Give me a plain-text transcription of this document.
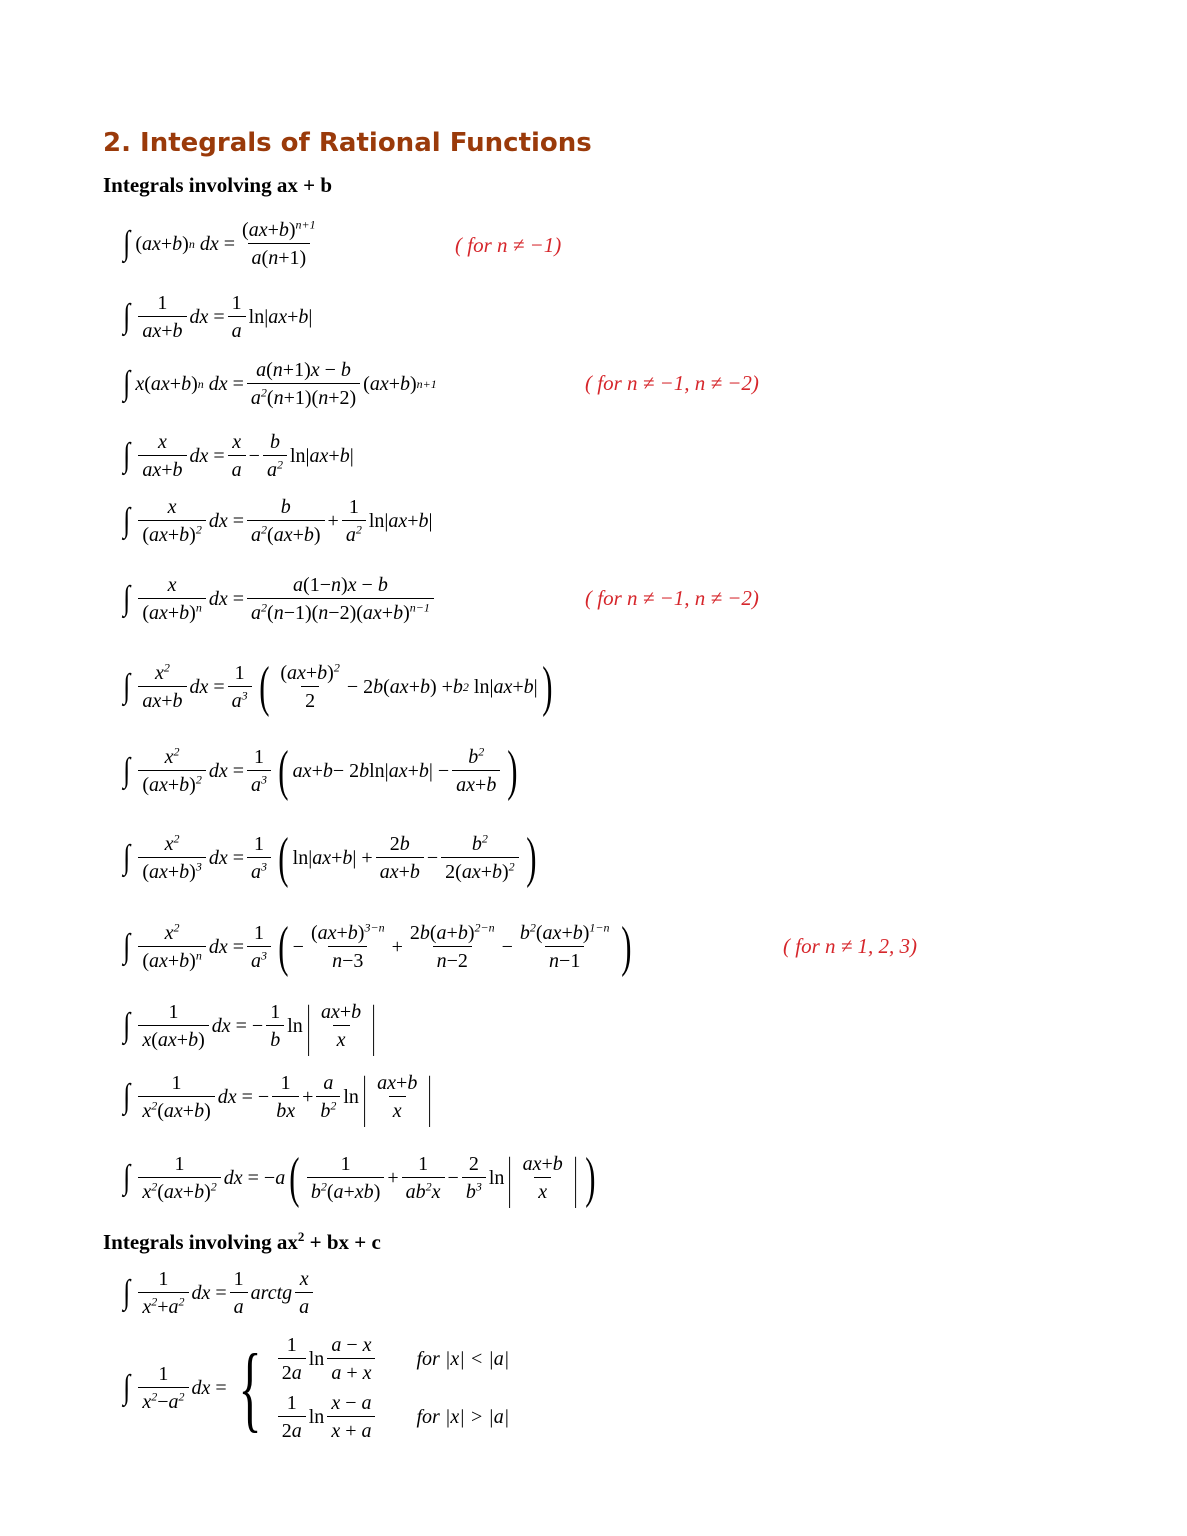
2. Integrals of Rational Functions

Integrals involving ax + b

∫ ( ax + b ) n
dx = $\frac{(ax+b)^{n+1}}{a(n+1)}$	( for n ≠ −1)
∫ $\frac{1}{ax+b}$ dx = $\frac{1}{a} \ln|$ ax + b |
∫ x ( ax + b ) n
dx = $\frac{a(n+1)x - b}{a^2(n+1)(n+2)}$ ( ax + b ) n+1	( for n ≠ −1, n ≠ −2)
∫ $\frac{x}{ax+b}$ dx = $\frac{x}{a} - \frac{b}{a^2} \ln|$ ax + b |
∫ $\frac{x}{(ax+b)^2}$ dx = $\frac{b}{a^2(ax+b)} + \frac{1}{a^2} \ln|$ ax + b |
∫ $\frac{x}{(ax+b)^n}$ dx = $\frac{a(1-n)x - b}{a^2(n-1)(n-2)(ax+b)^{n-1}}$	( for n ≠ −1, n ≠ −2)
∫ $\frac{x^2}{ax+b}$ dx = $\frac{1}{a^3}$ ( $\frac{(ax+b)^2}{2} - 2$ b ( ax + b ) + b 2 ln| ax + b | )
∫ $\frac{x^2}{(ax+b)^2}$ dx = $\frac{1}{a^3}$ ( ax + b − 2 b ln| ax + b | − $\frac{b^2}{ax+b}$ )
∫ $\frac{x^2}{(ax+b)^3}$ dx = $\frac{1}{a^3}$ ( ln| ax + b | + $\frac{2b}{ax+b} - \frac{b^2}{2(ax+b)^2}$ )
∫ $\frac{x^2}{(ax+b)^n}$ dx = $\frac{1}{a^3}$ ( − $\frac{(ax+b)^{3-n}}{n-3} + \frac{2b(a+b)^{2-n}}{n-2} - \frac{b^2(ax+b)^{1-n}}{n-1}$ )	( for n ≠ 1, 2, 3)
∫ $\frac{1}{x(ax+b)}$ dx = − $\frac{1}{b}$ ln | $\frac{ax+b}{x}$ |
∫ $\frac{1}{x^2(ax+b)}$ dx = − $\frac{1}{bx} + \frac{a}{b^2}$ ln | $\frac{ax+b}{x}$ |
∫ $\frac{1}{x^2(ax+b)^2}$ dx = − a ( $\frac{1}{b^2(a+xb)} + \frac{1}{ab^2x} - \frac{2}{b^3}$ ln | $\frac{ax+b}{x}$ | )

Integrals involving $ax^2$ + bx + c

∫ $\frac{1}{x^2+a^2}$ dx = $\frac{1}{a}$ arctg $\frac{x}{a}$
∫ $\frac{1}{x^2-a^2}$ dx = { $\frac{1}{2a}$ $\ln \frac{a - x}{a + x}$ for |x| < |a|
$\frac{1}{2a}$ $\ln \frac{x - a}{x + a}$ for |x| > |a|
